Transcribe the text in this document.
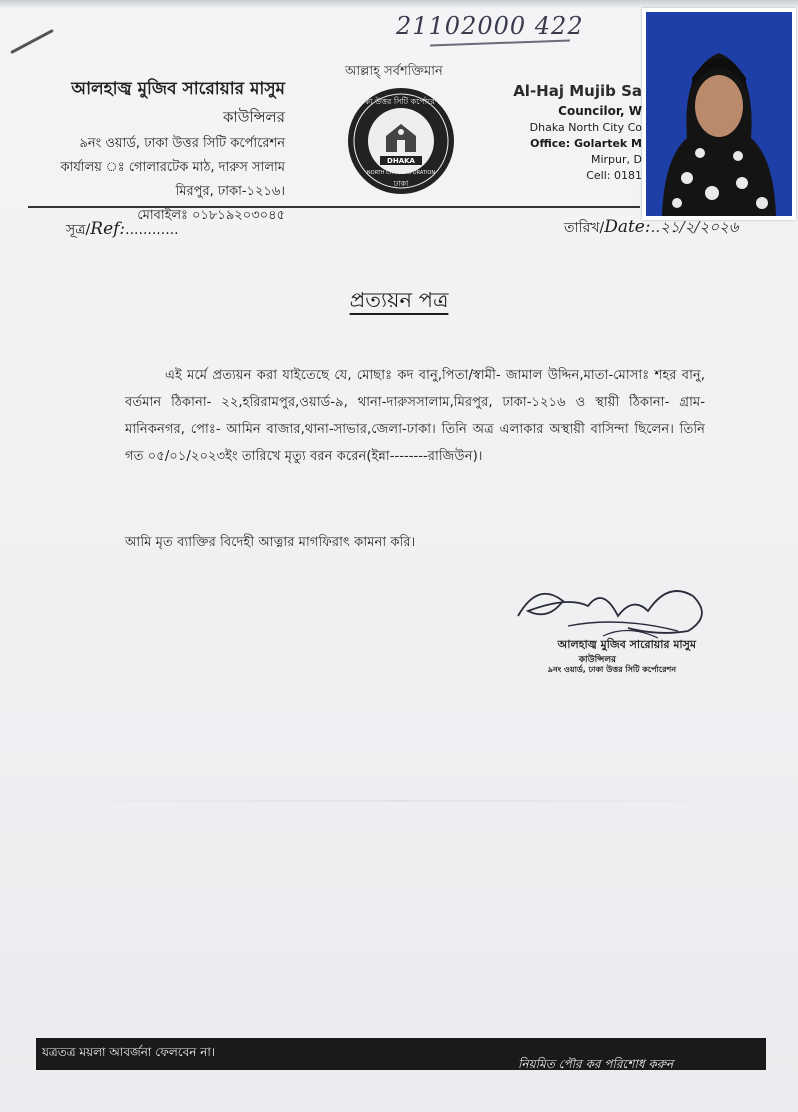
21102000 422
আলহাজ্ব মুজিব সারোয়ার মাসুম
কাউন্সিলর
৯নং ওয়ার্ড, ঢাকা উত্তর সিটি কর্পোরেশন
কার্যালয় ঃ গোলারটেক মাঠ, দারুস সালাম
মিরপুর, ঢাকা-১২১৬।
মোবাইলঃ ০১৮১৯২০৩০৪৫
আল্লাহ্ সর্বশক্তিমান
DHAKA
ঢাকা উত্তর সিটি কর্পোরেশন
NORTH CITY CORPORATION
ঢাকা
Al-Haj Mujib Sa
Councilor, W
Dhaka North City Co
Office: Golartek M
Mirpur, D
Cell: 0181
সূত্র/Ref:............	তারিখ/Date:..২১/২/২০২৬
প্রত্যয়ন পত্র
এই মর্মে প্রত্যয়ন করা যাইতেছে যে, মোছাঃ কদ বানু,পিতা/স্বামী- জামাল উদ্দিন,মাতা-মোসাঃ শহর বানু, বর্তমান ঠিকানা- ২২,হরিরামপুর,ওয়ার্ড-৯, থানা-দারুসসালাম,মিরপুর, ঢাকা-১২১৬ ও স্থায়ী ঠিকানা- গ্রাম- মানিকনগর, পোঃ- আমিন বাজার,থানা-সাভার,জেলা-ঢাকা। তিনি অত্র এলাকার অস্থায়ী বাসিন্দা ছিলেন। তিনি গত ০৫/০১/২০২৩ইং তারিখে মৃত্যু বরন করেন(ইন্না--------রাজিউন)।
আমি মৃত ব্যাক্তির বিদেহী আত্নার মাগফিরাৎ কামনা করি।
আলহাজ্ব মুজিব সারোয়ার মাসুম
কাউন্সিলর
৯নং ওয়ার্ড, ঢাকা উত্তর সিটি কর্পোরেশন
যত্রতত্র ময়লা আবর্জনা ফেলবেন না।
নিয়মিত পৌর কর পরিশোধ করুন
